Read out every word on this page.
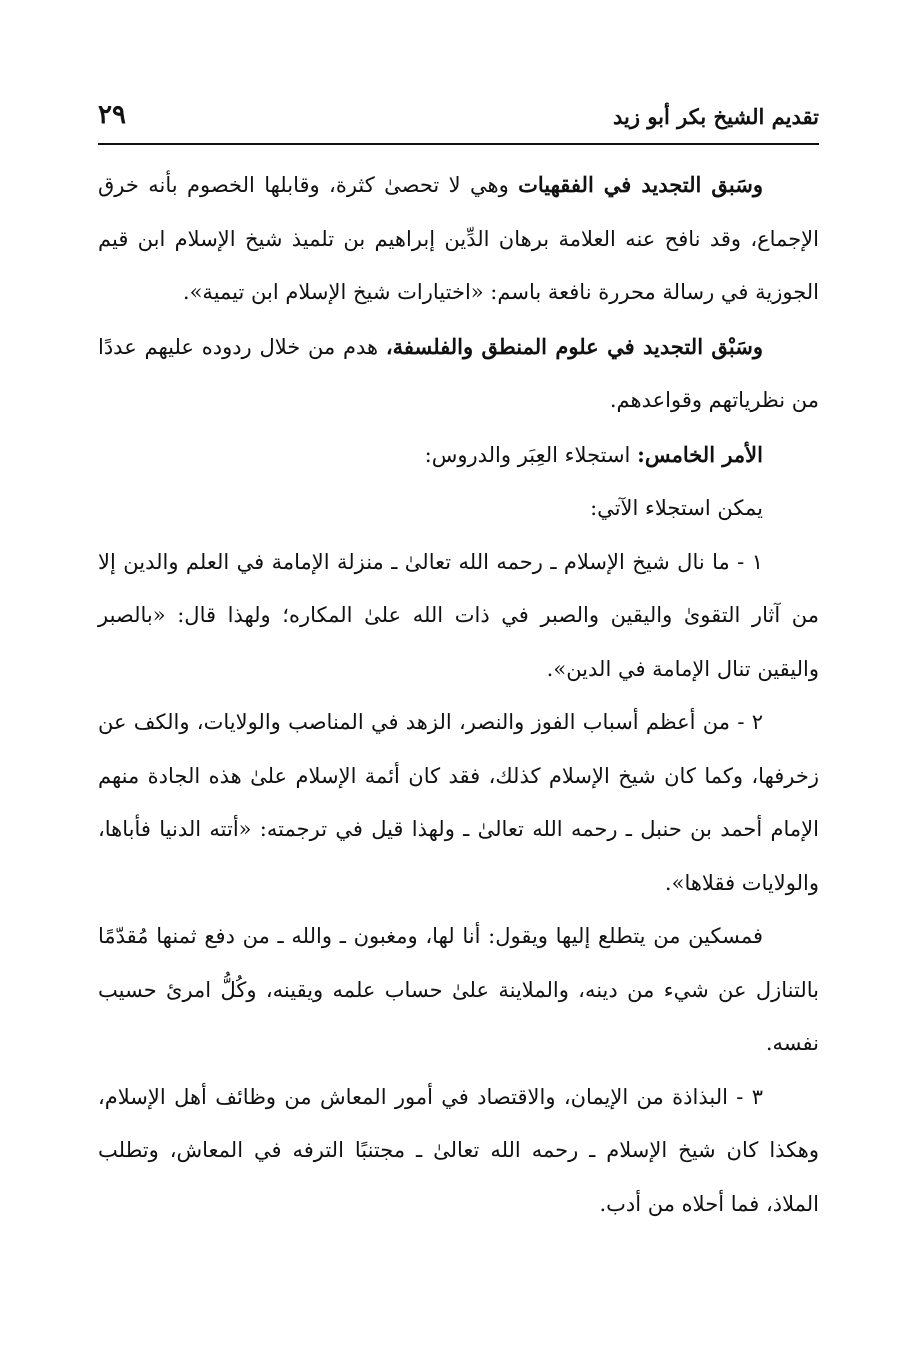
تقديم الشيخ بكر أبو زيد
٢٩

وسَبق التجديد في الفقهيات وهي لا تحصىٰ كثرة، وقابلها الخصوم بأنه خرق الإجماع، وقد نافح عنه العلامة برهان الدِّين إبراهيم بن تلميذ شيخ الإسلام ابن قيم الجوزية في رسالة محررة نافعة باسم: «اختيارات شيخ الإسلام ابن تيمية».

وسَبْق التجديد في علوم المنطق والفلسفة، هدم من خلال ردوده عليهم عددًا من نظرياتهم وقواعدهم.

الأمر الخامس: استجلاء العِبَر والدروس:

يمكن استجلاء الآتي:

١ - ما نال شيخ الإسلام ـ رحمه الله تعالىٰ ـ منزلة الإمامة في العلم والدين إلا من آثار التقوىٰ واليقين والصبر في ذات الله علىٰ المكاره؛ ولهذا قال: «بالصبر واليقين تنال الإمامة في الدين».

٢ - من أعظم أسباب الفوز والنصر، الزهد في المناصب والولايات، والكف عن زخرفها، وكما كان شيخ الإسلام كذلك، فقد كان أئمة الإسلام علىٰ هذه الجادة منهم الإمام أحمد بن حنبل ـ رحمه الله تعالىٰ ـ ولهذا قيل في ترجمته: «أتته الدنيا فأباها، والولايات فقلاها».

فمسكين من يتطلع إليها ويقول: أنا لها، ومغبون ـ والله ـ من دفع ثمنها مُقدّمًا بالتنازل عن شيء من دينه، والملاينة علىٰ حساب علمه ويقينه، وكُلُّ امرئ حسيب نفسه.

٣ - البذاذة من الإيمان، والاقتصاد في أمور المعاش من وظائف أهل الإسلام، وهكذا كان شيخ الإسلام ـ رحمه الله تعالىٰ ـ مجتنبًا الترفه في المعاش، وتطلب الملاذ، فما أحلاه من أدب.
